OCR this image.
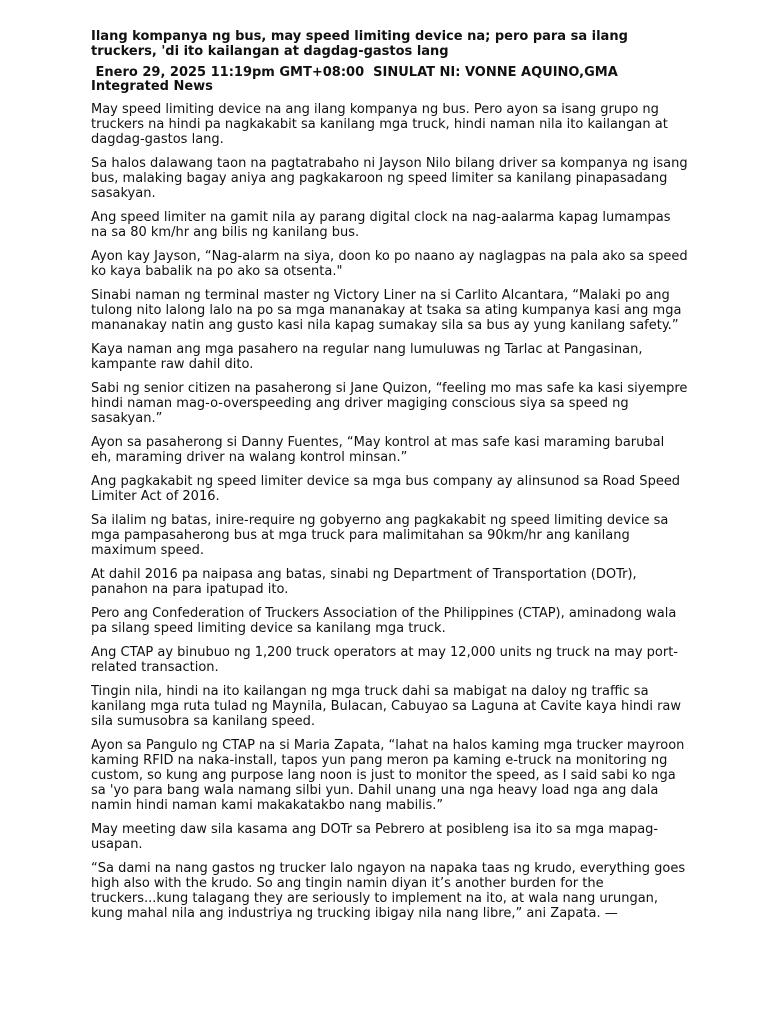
Ilang kompanya ng bus, may speed limiting device na; pero para sa ilang truckers, 'di ito kailangan at dagdag-gastos lang
Enero 29, 2025 11:19pm GMT+08:00  SINULAT NI: VONNE AQUINO,GMA Integrated News

May speed limiting device na ang ilang kompanya ng bus. Pero ayon sa isang grupo ng truckers na hindi pa nagkakabit sa kanilang mga truck, hindi naman nila ito kailangan at dagdag-gastos lang.

Sa halos dalawang taon na pagtatrabaho ni Jayson Nilo bilang driver sa kompanya ng isang bus, malaking bagay aniya ang pagkakaroon ng speed limiter sa kanilang pinapasadang sasakyan.

Ang speed limiter na gamit nila ay parang digital clock na nag-aalarma kapag lumampas na sa 80 km/hr ang bilis ng kanilang bus.

Ayon kay Jayson, “Nag-alarm na siya, doon ko po naano ay naglagpas na pala ako sa speed ko kaya babalik na po ako sa otsenta."

Sinabi naman ng terminal master ng Victory Liner na si Carlito Alcantara, “Malaki po ang tulong nito lalong lalo na po sa mga mananakay at tsaka sa ating kumpanya kasi ang mga mananakay natin ang gusto kasi nila kapag sumakay sila sa bus ay yung kanilang safety.”

Kaya naman ang mga pasahero na regular nang lumuluwas ng Tarlac at Pangasinan, kampante raw dahil dito.

Sabi ng senior citizen na pasaherong si Jane Quizon, “feeling mo mas safe ka kasi siyempre hindi naman mag-o-overspeeding ang driver magiging conscious siya sa speed ng sasakyan.”

Ayon sa pasaherong si Danny Fuentes, “May kontrol at mas safe kasi maraming barubal eh, maraming driver na walang kontrol minsan.”

Ang pagkakabit ng speed limiter device sa mga bus company ay alinsunod sa Road Speed Limiter Act of 2016.

Sa ilalim ng batas, inire-require ng gobyerno ang pagkakabit ng speed limiting device sa mga pampasaherong bus at mga truck para malimitahan sa 90km/hr ang kanilang maximum speed.

At dahil 2016 pa naipasa ang batas, sinabi ng Department of Transportation (DOTr), panahon na para ipatupad ito.

Pero ang Confederation of Truckers Association of the Philippines (CTAP), aminadong wala pa silang speed limiting device sa kanilang mga truck.

Ang CTAP ay binubuo ng 1,200 truck operators at may 12,000 units ng truck na may port-related transaction.

Tingin nila, hindi na ito kailangan ng mga truck dahi sa mabigat na daloy ng traffic sa kanilang mga ruta tulad ng Maynila, Bulacan, Cabuyao sa Laguna at Cavite kaya hindi raw sila sumusobra sa kanilang speed.

Ayon sa Pangulo ng CTAP na si Maria Zapata, “lahat na halos kaming mga trucker mayroon kaming RFID na naka-install, tapos yun pang meron pa kaming e-truck na monitoring ng custom, so kung ang purpose lang noon is just to monitor the speed, as I said sabi ko nga sa 'yo para bang wala namang silbi yun. Dahil unang una nga heavy load nga ang dala namin hindi naman kami makakatakbo nang mabilis.”

May meeting daw sila kasama ang DOTr sa Pebrero at posibleng isa ito sa mga mapag-usapan.

“Sa dami na nang gastos ng trucker lalo ngayon na napaka taas ng krudo, everything goes high also with the krudo. So ang tingin namin diyan it’s another burden for the truckers...kung talagang they are seriously to implement na ito, at wala nang urungan, kung mahal nila ang industriya ng trucking ibigay nila nang libre,” ani Zapata. —
